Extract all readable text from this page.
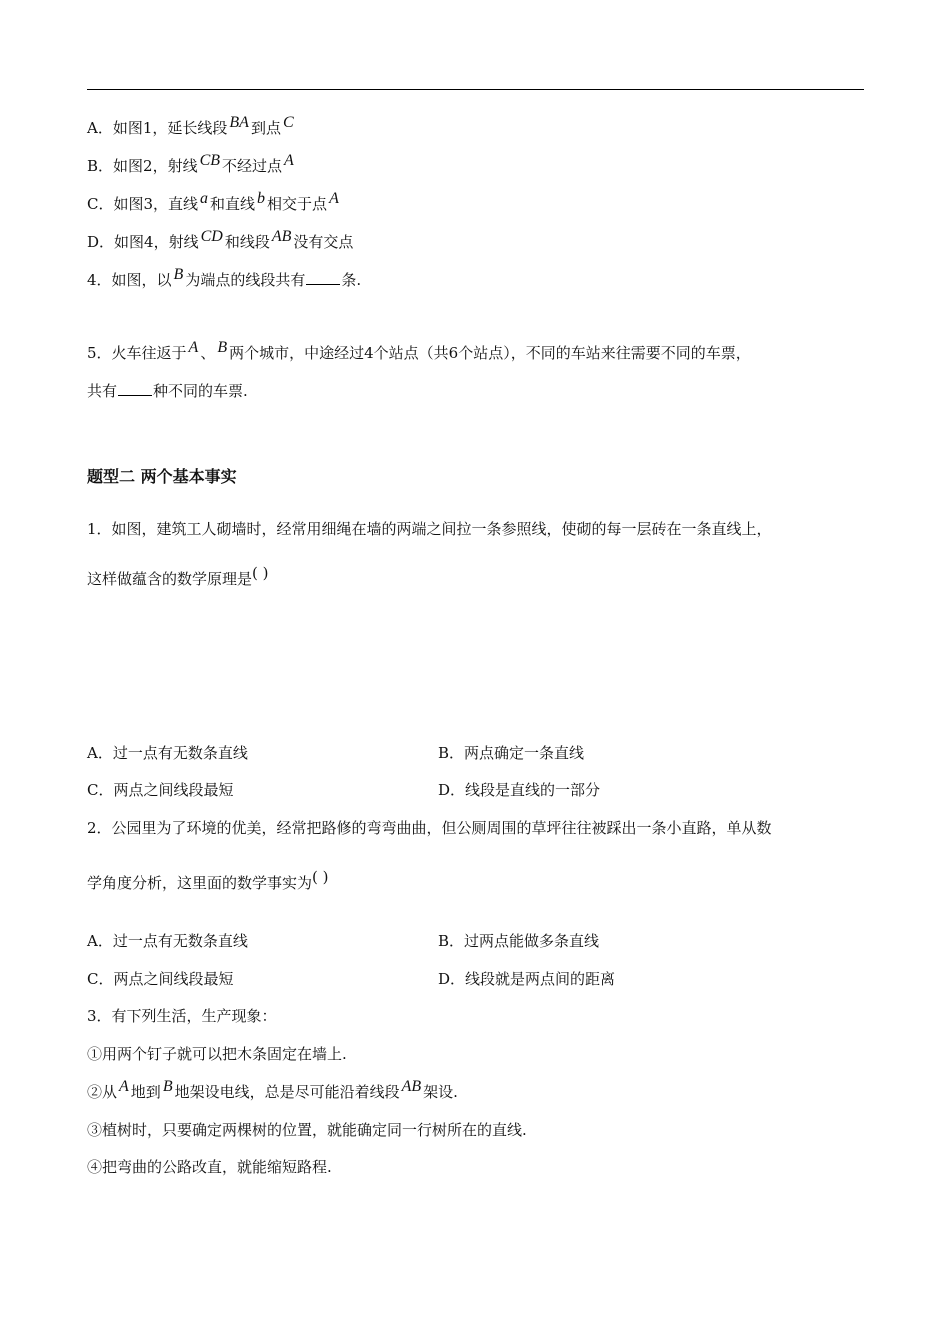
A．如图1，延长线段 BA 到点 C
B．如图2，射线 CB 不经过点 A
C．如图3，直线 a 和直线 b 相交于点 A
D．如图4，射线 CD 和线段 AB 没有交点
4．如图，以 B 为端点的线段共有 条.
5．火车往返于 A 、 B 两个城市，中途经过4个站点（共6个站点），不同的车站来往需要不同的车票，
共有 种不同的车票.
题型二 两个基本事实
1．如图，建筑工人砌墙时，经常用细绳在墙的两端之间拉一条参照线，使砌的每一层砖在一条直线上，
这样做蕴含的数学原理是( )
A．过一点有无数条直线	B．两点确定一条直线
C．两点之间线段最短	D．线段是直线的一部分
2．公园里为了环境的优美，经常把路修的弯弯曲曲，但公厕周围的草坪往往被踩出一条小直路，单从数
学角度分析，这里面的数学事实为( )
A．过一点有无数条直线	B．过两点能做多条直线
C．两点之间线段最短	D．线段就是两点间的距离
3．有下列生活，生产现象：
①用两个钉子就可以把木条固定在墙上.
②从 A 地到 B 地架设电线，总是尽可能沿着线段 AB 架设.
③植树时，只要确定两棵树的位置，就能确定同一行树所在的直线.
④把弯曲的公路改直，就能缩短路程.
